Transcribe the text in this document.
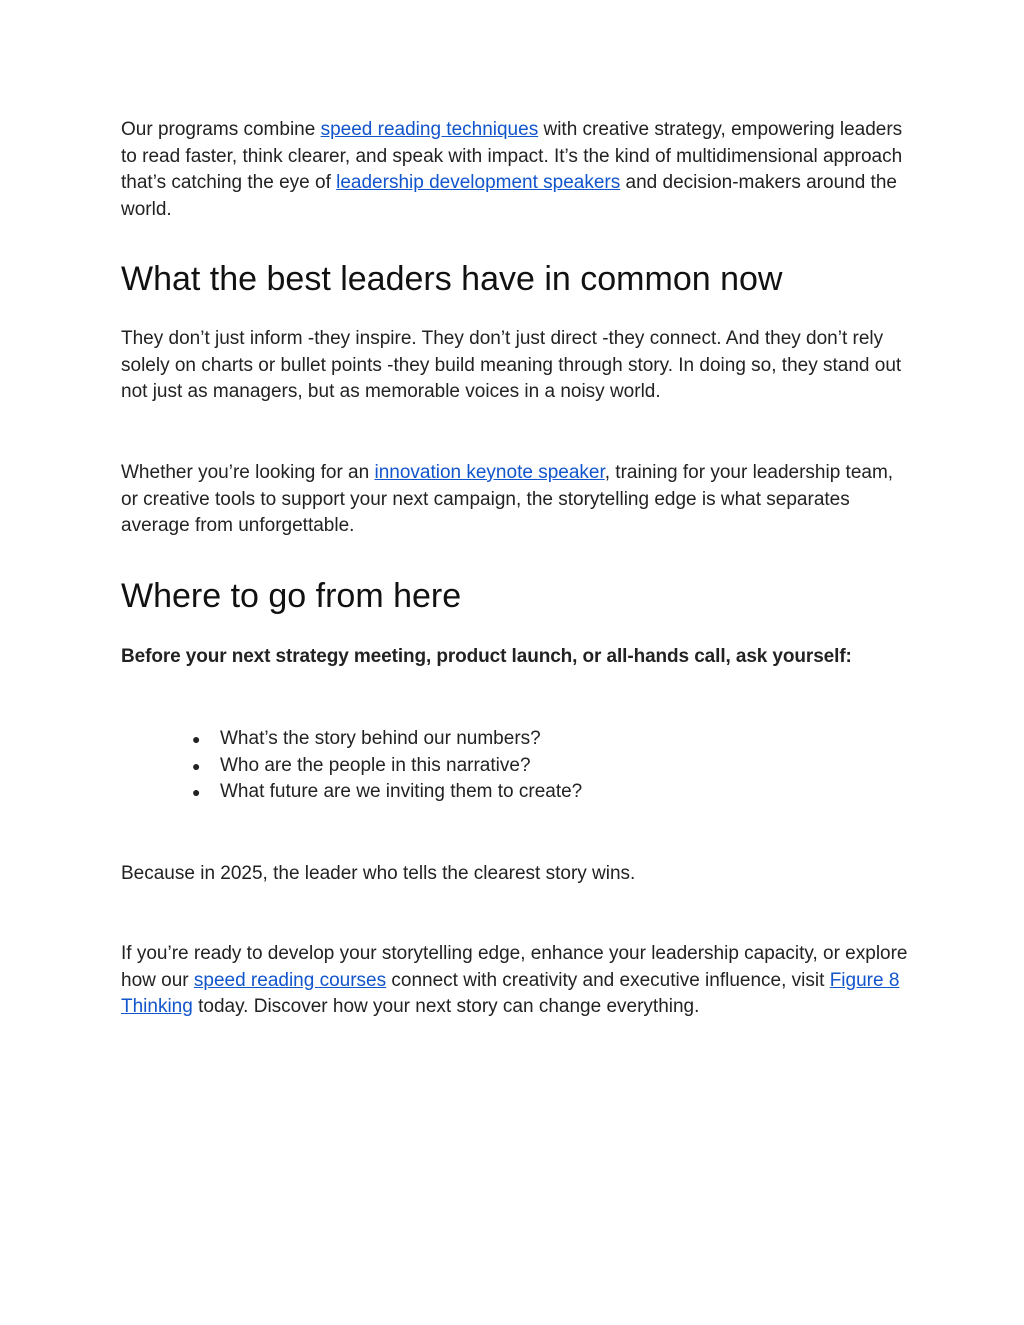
Our programs combine speed reading techniques with creative strategy, empowering leaders to read faster, think clearer, and speak with impact. It’s the kind of multidimensional approach that’s catching the eye of leadership development speakers and decision-makers around the world.

What the best leaders have in common now

They don’t just inform -they inspire. They don’t just direct -they connect. And they don’t rely solely on charts or bullet points -they build meaning through story. In doing so, they stand out not just as managers, but as memorable voices in a noisy world.

Whether you’re looking for an innovation keynote speaker, training for your leadership team, or creative tools to support your next campaign, the storytelling edge is what separates average from unforgettable.

Where to go from here

Before your next strategy meeting, product launch, or all-hands call, ask yourself:

● What’s the story behind our numbers?
● Who are the people in this narrative?
● What future are we inviting them to create?

Because in 2025, the leader who tells the clearest story wins.

If you’re ready to develop your storytelling edge, enhance your leadership capacity, or explore how our speed reading courses connect with creativity and executive influence, visit Figure 8 Thinking today. Discover how your next story can change everything.
